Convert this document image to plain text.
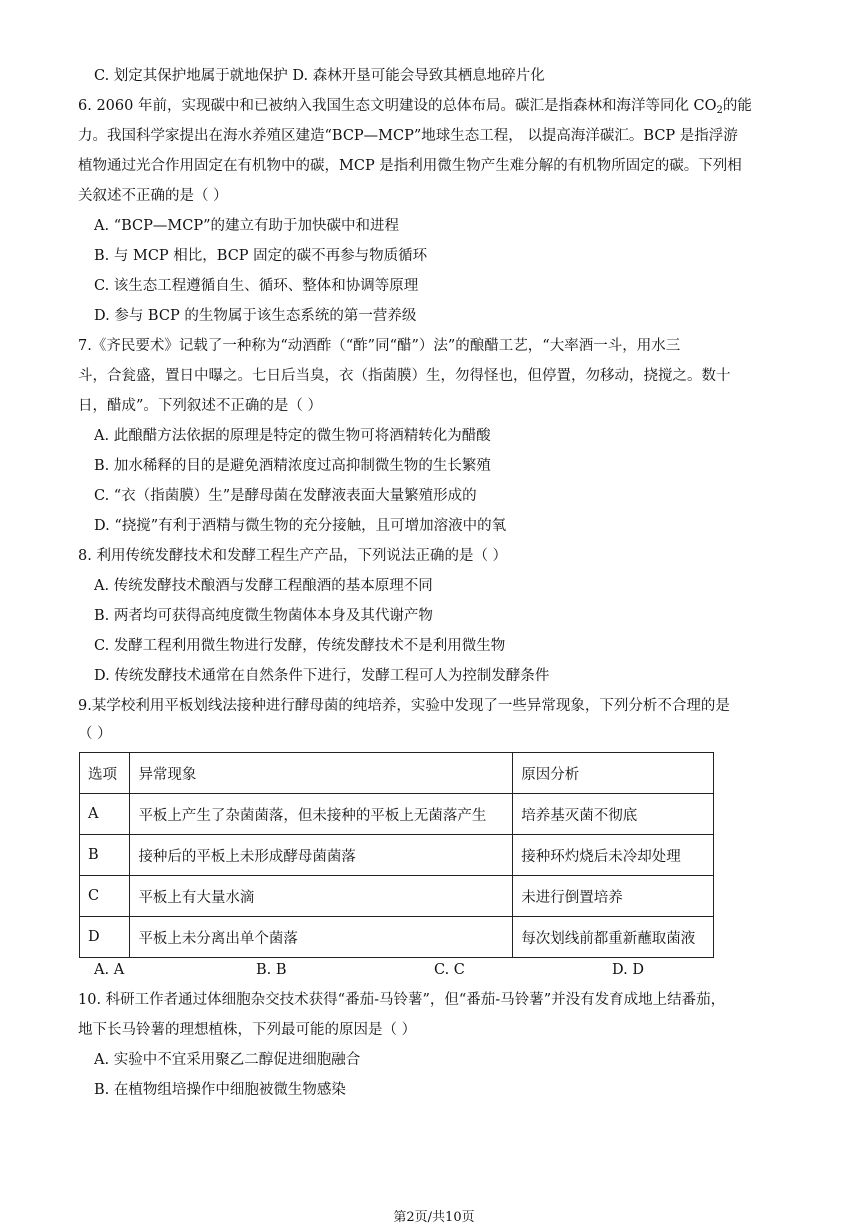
C. 划定其保护地属于就地保护 D. 森林开垦可能会导致其栖息地碎片化
6. 2060 年前，实现碳中和已被纳入我国生态文明建设的总体布局。碳汇是指森林和海洋等同化 $CO_2$的能
力。我国科学家提出在海水养殖区建造“BCP—MCP”地球生态工程， 以提高海洋碳汇。BCP 是指浮游
植物通过光合作用固定在有机物中的碳，MCP 是指利用微生物产生难分解的有机物所固定的碳。下列相
关叙述不正确的是（ ）
A. “BCP—MCP”的建立有助于加快碳中和进程
B. 与 MCP 相比，BCP 固定的碳不再参与物质循环
C. 该生态工程遵循自生、循环、整体和协调等原理
D. 参与 BCP 的生物属于该生态系统的第一营养级
7.《齐民要术》记载了一种称为“动酒酢（“酢”同“醋”）法”的酿醋工艺，“大率酒一斗，用水三
斗，合瓮盛，置日中曝之。七日后当臭，衣（指菌膜）生，勿得怪也，但停置，勿移动，挠搅之。数十
日，醋成”。下列叙述不正确的是（ ）
A. 此酿醋方法依据的原理是特定的微生物可将酒精转化为醋酸
B. 加水稀释的目的是避免酒精浓度过高抑制微生物的生长繁殖
C. “衣（指菌膜）生”是酵母菌在发酵液表面大量繁殖形成的
D. “挠搅”有利于酒精与微生物的充分接触，且可增加溶液中的氧
8. 利用传统发酵技术和发酵工程生产产品，下列说法正确的是（ ）
A. 传统发酵技术酿酒与发酵工程酿酒的基本原理不同
B. 两者均可获得高纯度微生物菌体本身及其代谢产物
C. 发酵工程利用微生物进行发酵，传统发酵技术不是利用微生物
D. 传统发酵技术通常在自然条件下进行，发酵工程可人为控制发酵条件
9.某学校利用平板划线法接种进行酵母菌的纯培养，实验中发现了一些异常现象，下列分析不合理的是
（ ）
选项	异常现象	原因分析
A	平板上产生了杂菌菌落，但未接种的平板上无菌落产生	培养基灭菌不彻底
B	接种后的平板上未形成酵母菌菌落	接种环灼烧后未冷却处理
C	平板上有大量水滴	未进行倒置培养
D	平板上未分离出单个菌落	每次划线前都重新蘸取菌液
A. A	B. B	C. C	D. D
10. 科研工作者通过体细胞杂交技术获得“番茄-马铃薯”，但“番茄-马铃薯”并没有发育成地上结番茄，
地下长马铃薯的理想植株，下列最可能的原因是（ ）
A. 实验中不宜采用聚乙二醇促进细胞融合
B. 在植物组培操作中细胞被微生物感染
第2页/共10页
